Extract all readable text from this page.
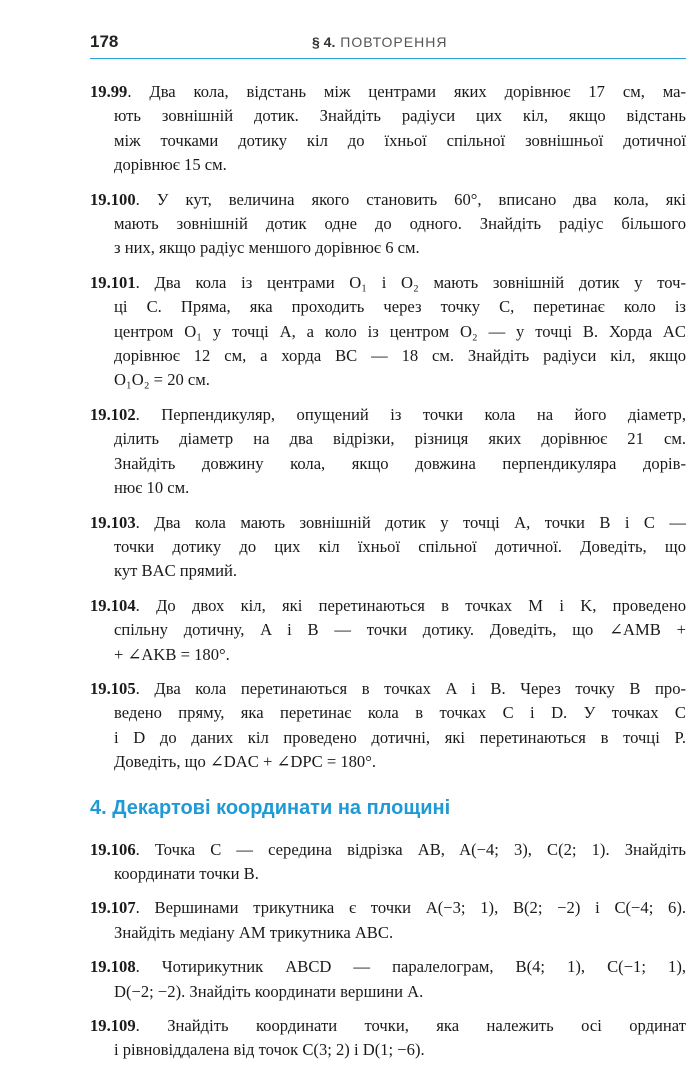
178	§ 4. ПОВТОРЕННЯ
19.99. Два кола, відстань між центрами яких дорівнює 17 см, ма-
ють зовнішній дотик. Знайдіть радіуси цих кіл, якщо відстань
між точками дотику кіл до їхньої спільної зовнішньої дотичної
дорівнює 15 см.
19.100. У кут, величина якого становить 60°, вписано два кола, які
мають зовнішній дотик одне до одного. Знайдіть радіус більшого
з них, якщо радіус меншого дорівнює 6 см.
19.101. Два кола із центрами O₁ і O₂ мають зовнішній дотик у точ-
ці C. Пряма, яка проходить через точку C, перетинає коло із
центром O₁ у точці A, а коло із центром O₂ — у точці B. Хорда AC
дорівнює 12 см, а хорда BC — 18 см. Знайдіть радіуси кіл, якщо
O₁O₂ = 20 см.
19.102. Перпендикуляр, опущений із точки кола на його діаметр,
ділить діаметр на два відрізки, різниця яких дорівнює 21 см.
Знайдіть довжину кола, якщо довжина перпендикуляра дорів-
нює 10 см.
19.103. Два кола мають зовнішній дотик у точці A, точки B і C —
точки дотику до цих кіл їхньої спільної дотичної. Доведіть, що
кут BAC прямий.
19.104. До двох кіл, які перетинаються в точках M і K, проведено
спільну дотичну, A і B — точки дотику. Доведіть, що ∠AMB +
+ ∠AKB = 180°.
19.105. Два кола перетинаються в точках A і B. Через точку B про-
ведено пряму, яка перетинає кола в точках C і D. У точках C
і D до даних кіл проведено дотичні, які перетинаються в точці P.
Доведіть, що ∠DAC + ∠DPC = 180°.
4. Декартові координати на площині
19.106. Точка C — середина відрізка AB, A(−4; 3), C(2; 1). Знайдіть
координати точки B.
19.107. Вершинами трикутника є точки A(−3; 1), B(2; −2) і C(−4; 6).
Знайдіть медіану AM трикутника ABC.
19.108. Чотирикутник ABCD — паралелограм, B(4; 1), C(−1; 1),
D(−2; −2). Знайдіть координати вершини A.
19.109. Знайдіть координати точки, яка належить осі ординат
і рівновіддалена від точок C(3; 2) і D(1; −6).
